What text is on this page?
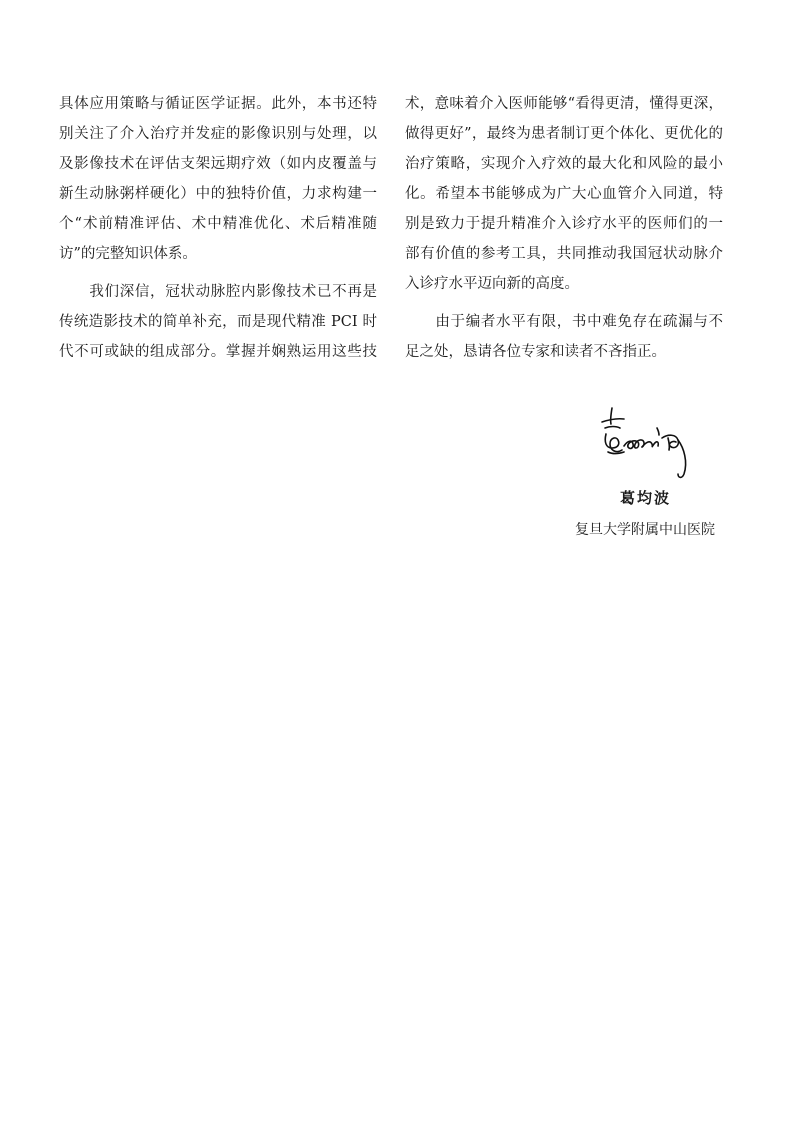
具体应用策略与循证医学证据。此外，本书还特
别关注了介入治疗并发症的影像识别与处理，以
及影像技术在评估支架远期疗效（如内皮覆盖与
新生动脉粥样硬化）中的独特价值，力求构建一
个“术前精准评估、术中精准优化、术后精准随
访”的完整知识体系。
　　我们深信，冠状动脉腔内影像技术已不再是
传统造影技术的简单补充，而是现代精准 PCI 时
代不可或缺的组成部分。掌握并娴熟运用这些技
术，意味着介入医师能够“看得更清，懂得更深，
做得更好”，最终为患者制订更个体化、更优化的
治疗策略，实现介入疗效的最大化和风险的最小
化。希望本书能够成为广大心血管介入同道，特
别是致力于提升精准介入诊疗水平的医师们的一
部有价值的参考工具，共同推动我国冠状动脉介
入诊疗水平迈向新的高度。
　　由于编者水平有限，书中难免存在疏漏与不
足之处，恳请各位专家和读者不吝指正。
葛均波
复旦大学附属中山医院
